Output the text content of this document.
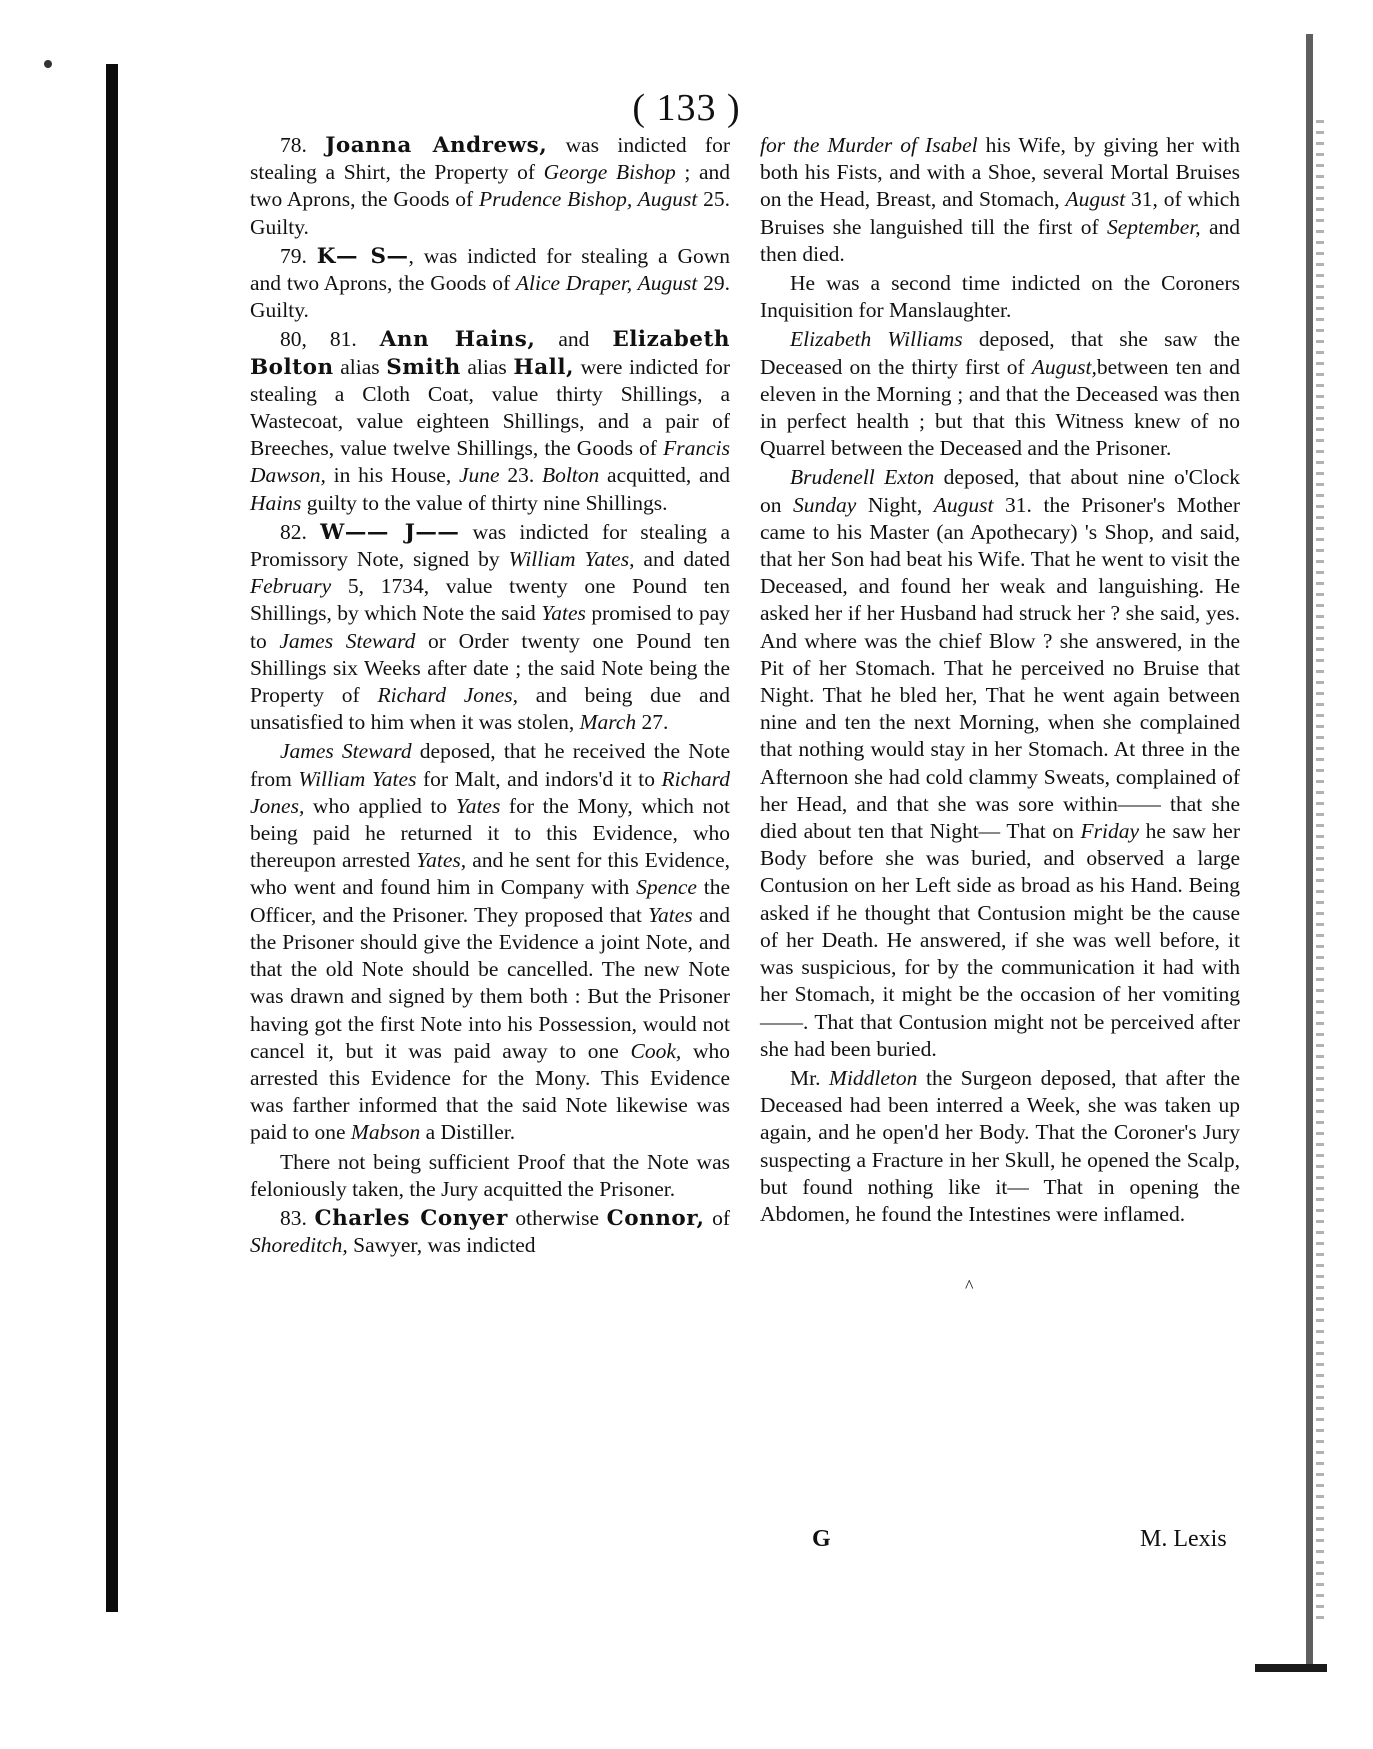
( 133 )

78. Joanna Andrews, was indicted for stealing a Shirt, the Property of George Bishop ; and two Aprons, the Goods of Prudence Bishop, August 25. Guilty.

79. K— S—, was indicted for stealing a Gown and two Aprons, the Goods of Alice Draper, August 29. Guilty.

80, 81. Ann Hains, and Elizabeth Bolton alias Smith alias Hall, were indicted for stealing a Cloth Coat, value thirty Shillings, a Wastecoat, value eighteen Shillings, and a pair of Breeches, value twelve Shillings, the Goods of Francis Dawson, in his House, June 23. Bolton acquitted, and Hains guilty to the value of thirty nine Shillings.

82. W—— J—— was indicted for stealing a Promissory Note, signed by William Yates, and dated February 5, 1734, value twenty one Pound ten Shillings, by which Note the said Yates promised to pay to James Steward or Order twenty one Pound ten Shillings six Weeks after date ; the said Note being the Property of Richard Jones, and being due and unsatisfied to him when it was stolen, March 27.

James Steward deposed, that he received the Note from William Yates for Malt, and indors'd it to Richard Jones, who applied to Yates for the Mony, which not being paid he returned it to this Evidence, who thereupon arrested Yates, and he sent for this Evidence, who went and found him in Company with Spence the Officer, and the Prisoner. They proposed that Yates and the Prisoner should give the Evidence a joint Note, and that the old Note should be cancelled. The new Note was drawn and signed by them both : But the Prisoner having got the first Note into his Possession, would not cancel it, but it was paid away to one Cook, who arrested this Evidence for the Mony. This Evidence was farther informed that the said Note likewise was paid to one Mabson a Distiller.

There not being sufficient Proof that the Note was feloniously taken, the Jury acquitted the Prisoner.

83. Charles Conyer otherwise Connor, of Shoreditch, Sawyer, was indicted

for the Murder of Isabel his Wife, by giving her with both his Fists, and with a Shoe, several Mortal Bruises on the Head, Breast, and Stomach, August 31, of which Bruises she languished till the first of September, and then died.

He was a second time indicted on the Coroners Inquisition for Manslaughter.

Elizabeth Williams deposed, that she saw the Deceased on the thirty first of August,between ten and eleven in the Morning ; and that the Deceased was then in perfect health ; but that this Witness knew of no Quarrel between the Deceased and the Prisoner.

Brudenell Exton deposed, that about nine o'Clock on Sunday Night, August 31. the Prisoner's Mother came to his Master (an Apothecary) 's Shop, and said, that her Son had beat his Wife. That he went to visit the Deceased, and found her weak and languishing. He asked her if her Husband had struck her ? she said, yes. And where was the chief Blow ? she answered, in the Pit of her Stomach. That he perceived no Bruise that Night. That he bled her, That he went again between nine and ten the next Morning, when she complained that nothing would stay in her Stomach. At three in the Afternoon she had cold clammy Sweats, complained of her Head, and that she was sore within—— that she died about ten that Night— That on Friday he saw her Body before she was buried, and observed a large Contusion on her Left side as broad as his Hand. Being asked if he thought that Contusion might be the cause of her Death. He answered, if she was well before, it was suspicious, for by the communication it had with her Stomach, it might be the occasion of her vomiting——. That that Contusion might not be perceived after she had been buried.

Mr. Middleton the Surgeon deposed, that after the Deceased had been interred a Week, she was taken up again, and he open'd her Body. That the Coroner's Jury suspecting a Fracture in her Skull, he opened the Scalp, but found nothing like it— That in opening the Abdomen, he found the Intestines were inflamed.

^
G	M. Lexis
